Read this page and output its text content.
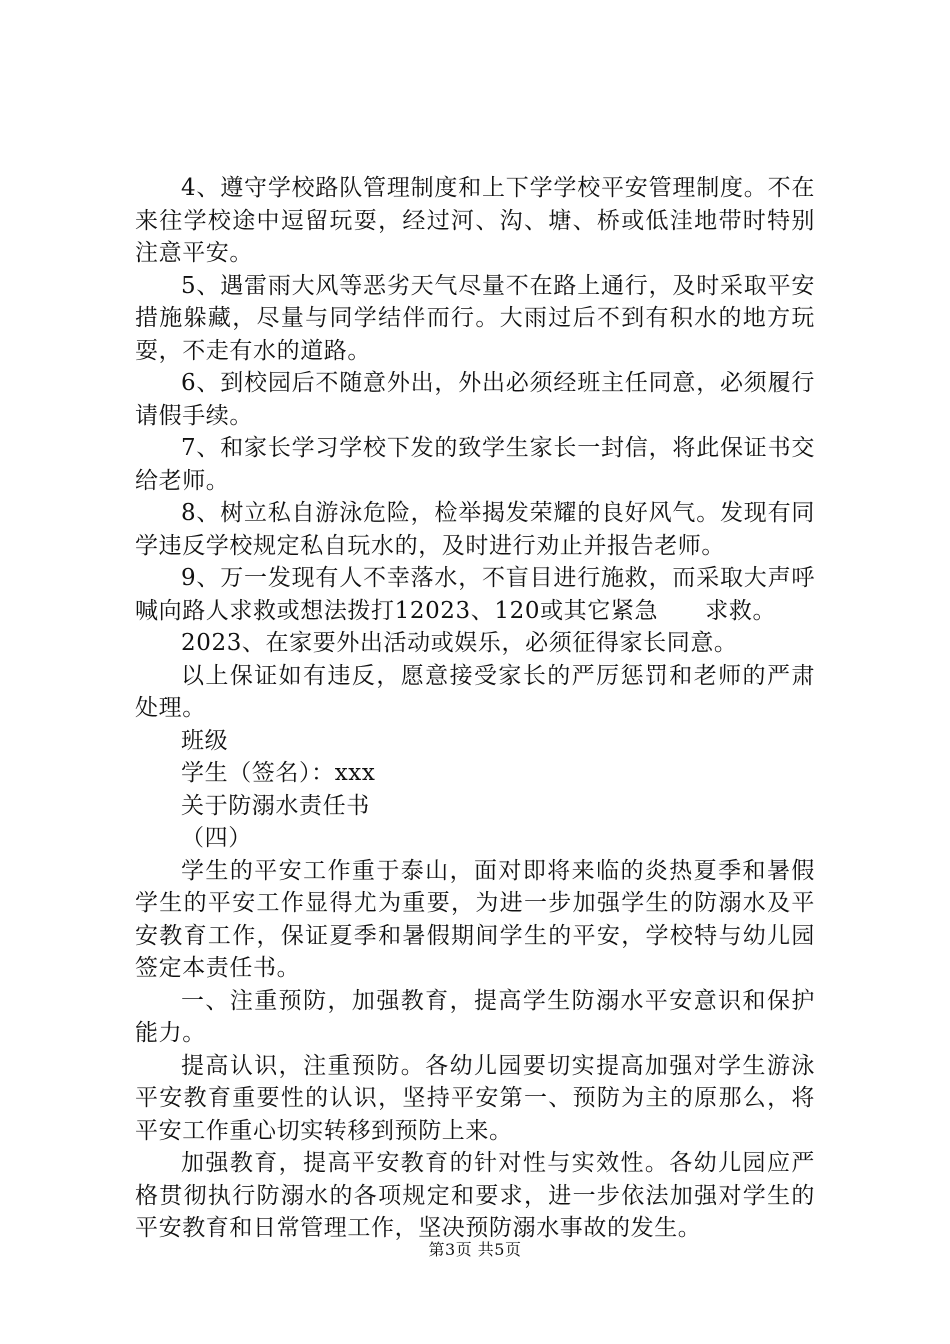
4、遵守学校路队管理制度和上下学学校平安管理制度。不在来往学校途中逗留玩耍，经过河、沟、塘、桥或低洼地带时特别注意平安。

5、遇雷雨大风等恶劣天气尽量不在路上通行，及时采取平安措施躲藏，尽量与同学结伴而行。大雨过后不到有积水的地方玩耍，不走有水的道路。

6、到校园后不随意外出，外出必须经班主任同意，必须履行请假手续。

7、和家长学习学校下发的致学生家长一封信，将此保证书交给老师。

8、树立私自游泳危险，检举揭发荣耀的良好风气。发现有同学违反学校规定私自玩水的，及时进行劝止并报告老师。

9、万一发现有人不幸落水，不盲目进行施救，而采取大声呼喊向路人求救或想法拨打12023、120或其它紧急　　求救。

2023、在家要外出活动或娱乐，必须征得家长同意。

以上保证如有违反，愿意接受家长的严厉惩罚和老师的严肃处理。

班级

学生（签名）：xxx

关于防溺水责任书

（四）

学生的平安工作重于泰山，面对即将来临的炎热夏季和暑假学生的平安工作显得尤为重要，为进一步加强学生的防溺水及平安教育工作，保证夏季和暑假期间学生的平安，学校特与幼儿园签定本责任书。

一、注重预防，加强教育，提高学生防溺水平安意识和保护能力。

提高认识，注重预防。各幼儿园要切实提高加强对学生游泳平安教育重要性的认识，坚持平安第一、预防为主的原那么，将平安工作重心切实转移到预防上来。

加强教育，提高平安教育的针对性与实效性。各幼儿园应严格贯彻执行防溺水的各项规定和要求，进一步依法加强对学生的平安教育和日常管理工作，坚决预防溺水事故的发生。

第3页 共5页
